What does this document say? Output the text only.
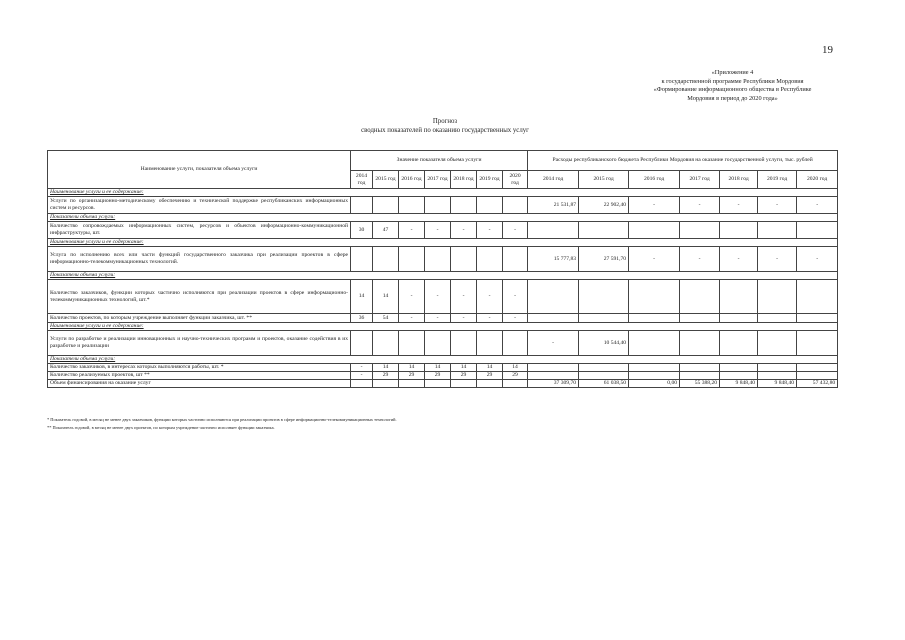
19
«Приложение 4
к государственной программе Республики Мордовия
«Формирование информационного общества в Республике
Мордовия в период до 2020 года»
Прогноз
сводных показателей по оказанию государственных услуг
Наименование услуги, показателя объема услуги	Значение показателя объема услуги							Расходы республиканского бюджета Республики Мордовия на оказание государственной услуги, тыс. рублей						
	2014 год	2015 год	2016 год	2017 год	2018 год	2019 год	2020 год	2014 год	2015 год	2016 год	2017 год	2018 год	2019 год	2020 год
Наименование услуги и ее содержание:														
Услуги по организационно-методическому обеспечению и технической поддержке республиканских информационных систем и ресурсов.								21 531,87	22 902,40	-	-	-	-	-
Показатели объема услуги:														
Количество сопровождаемых информационных систем, ресурсов и объектов информационно-коммуникационной инфраструктуры, шт.	30	47	-	-	-	-	-							
Наименование услуги и ее содержание:														
Услуга по исполнению всех или части функций государственного заказчика при реализации проектов в сфере информационно-телекоммуникационных технологий.								15 777,83	27 591,70	-	-	-	-	-
Показатели объема услуги:														
Количество заказчиков, функции которых частично исполняются при реализации проектов в сфере информационно-телекоммуникационных технологий, шт.*	14	14	-	-	-	-	-							
Количество проектов, по которым учреждение выполняет функции заказчика, шт. **	36	54	-	-	-	-	-							
Наименование услуги и ее содержание:														
Услуги по разработке и реализации инновационных и научно-технических программ и проектов, оказание содействия в их разработке и реализации								-	10 544,40					
Показатели объема услуги:														
Количество заказчиков, в интересах которых выполняются работы, шт. *	-	14	14	14	14	14	14							
Количество реализуемых проектов, шт **	-	29	29	29	29	29	29							
Объем финансирования на оказание услуг								37 309,70	61 038,50	0,00	55 388,20	9 848,40	9 848,40	57 432,80
* Показатель годовой, в месяц не менее двух заказчиков, функции которых частично исполняются при реализации проектов в сфере информационно-телекоммуникационных технологий.
** Показатель годовой, в месяц не менее двух проектов, по которым учреждение частично исполняет функции заказчика.
